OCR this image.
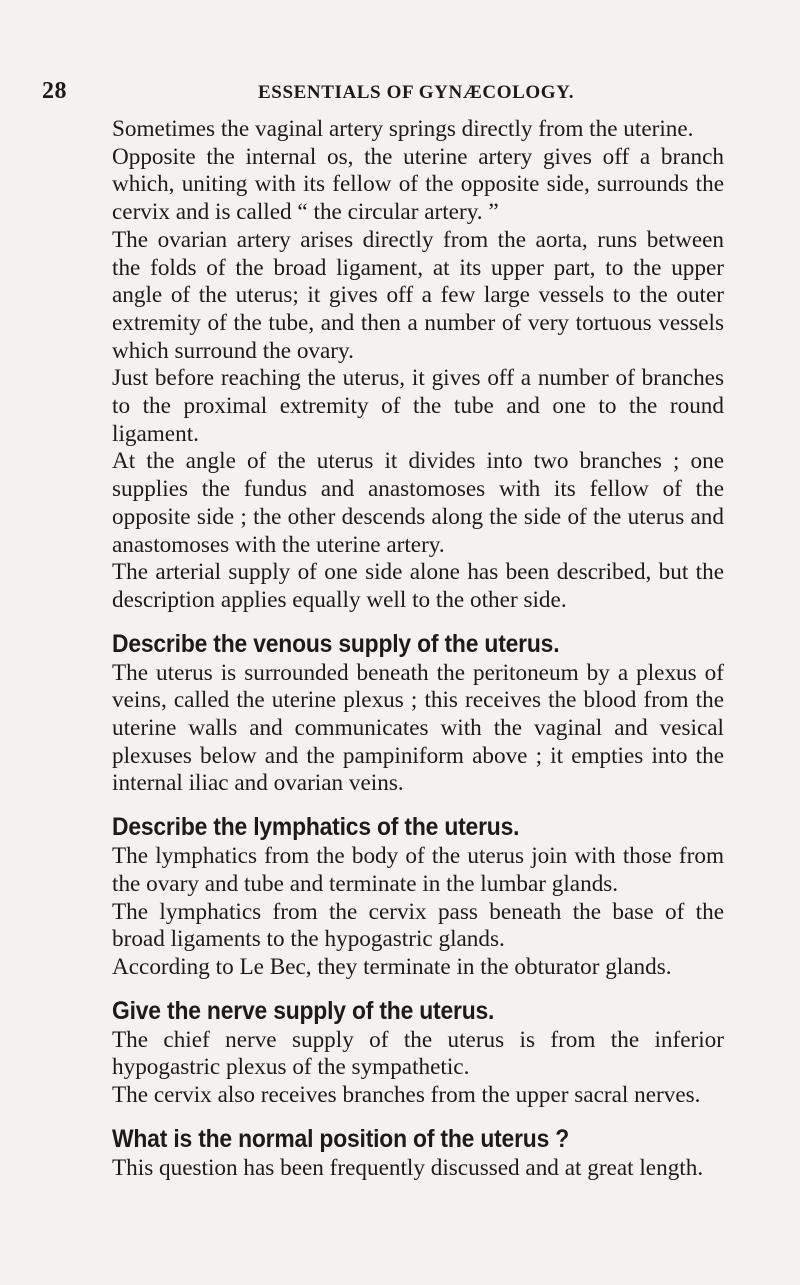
28	ESSENTIALS OF GYNÆCOLOGY.

Sometimes the vaginal artery springs directly from the uterine.

Opposite the internal os, the uterine artery gives off a branch which, uniting with its fellow of the opposite side, surrounds the cervix and is called “ the circular artery. ”

The ovarian artery arises directly from the aorta, runs between the folds of the broad ligament, at its upper part, to the upper angle of the uterus; it gives off a few large vessels to the outer extremity of the tube, and then a number of very tortuous vessels which surround the ovary.

Just before reaching the uterus, it gives off a number of branches to the proximal extremity of the tube and one to the round ligament.

At the angle of the uterus it divides into two branches ; one supplies the fundus and anastomoses with its fellow of the opposite side ; the other descends along the side of the uterus and anastomoses with the uterine artery.

The arterial supply of one side alone has been described, but the description applies equally well to the other side.

Describe the venous supply of the uterus.

The uterus is surrounded beneath the peritoneum by a plexus of veins, called the uterine plexus ; this receives the blood from the uterine walls and communicates with the vaginal and vesical plexuses below and the pampiniform above ; it empties into the internal iliac and ovarian veins.

Describe the lymphatics of the uterus.

The lymphatics from the body of the uterus join with those from the ovary and tube and terminate in the lumbar glands.

The lymphatics from the cervix pass beneath the base of the broad ligaments to the hypogastric glands.

According to Le Bec, they terminate in the obturator glands.

Give the nerve supply of the uterus.

The chief nerve supply of the uterus is from the inferior hypogastric plexus of the sympathetic.

The cervix also receives branches from the upper sacral nerves.

What is the normal position of the uterus ?

This question has been frequently discussed and at great length.
